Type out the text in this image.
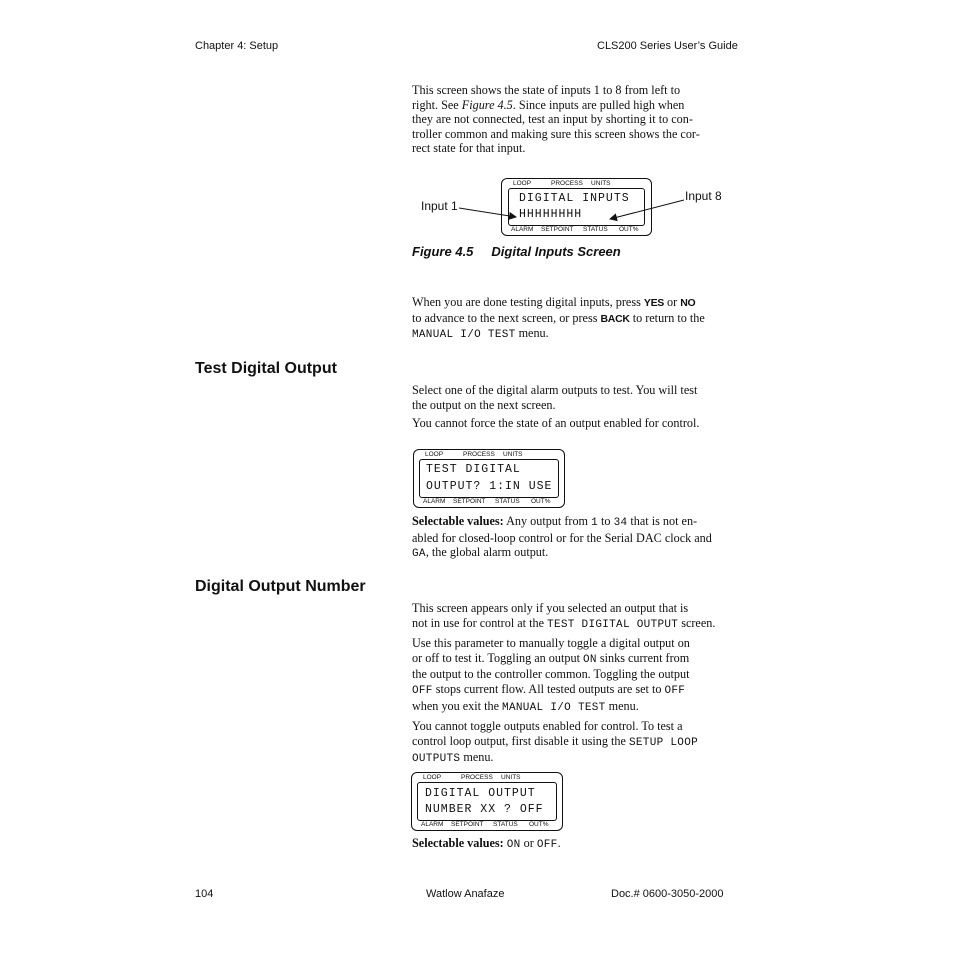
Chapter 4: Setup	CLS200 Series User’s Guide

This screen shows the state of inputs 1 to 8 from left to
right. See Figure 4.5. Since inputs are pulled high when
they are not connected, test an input by shorting it to con-
troller common and making sure this screen shows the cor-
rect state for that input.

LOOP	PROCESS UNITS
DIGITAL INPUTS
HHHHHHHH
ALARM SETPOINT STATUS OUT%
Input 1
Input 8
Figure 4.5 Digital Inputs Screen

When you are done testing digital inputs, press YES or NO
to advance to the next screen, or press BACK to return to the
MANUAL I/O TEST menu.

Test Digital Output

Select one of the digital alarm outputs to test. You will test
the output on the next screen.

You cannot force the state of an output enabled for control.

LOOP	PROCESS UNITS
TEST DIGITAL
OUTPUT? 1:IN USE
ALARM SETPOINT STATUS OUT%

Selectable values: Any output from 1 to 34 that is not en-
abled for closed-loop control or for the Serial DAC clock and
GA, the global alarm output.

Digital Output Number

This screen appears only if you selected an output that is
not in use for control at the TEST DIGITAL OUTPUT screen.

Use this parameter to manually toggle a digital output on
or off to test it. Toggling an output ON sinks current from
the output to the controller common. Toggling the output
OFF stops current flow. All tested outputs are set to OFF
when you exit the MANUAL I/O TEST menu.

You cannot toggle outputs enabled for control. To test a
control loop output, first disable it using the SETUP LOOP
OUTPUTS menu.

LOOP	PROCESS UNITS
DIGITAL OUTPUT
NUMBER XX ? OFF
ALARM SETPOINT STATUS OUT%

Selectable values: ON or OFF.

104	Watlow Anafaze	Doc.# 0600-3050-2000
